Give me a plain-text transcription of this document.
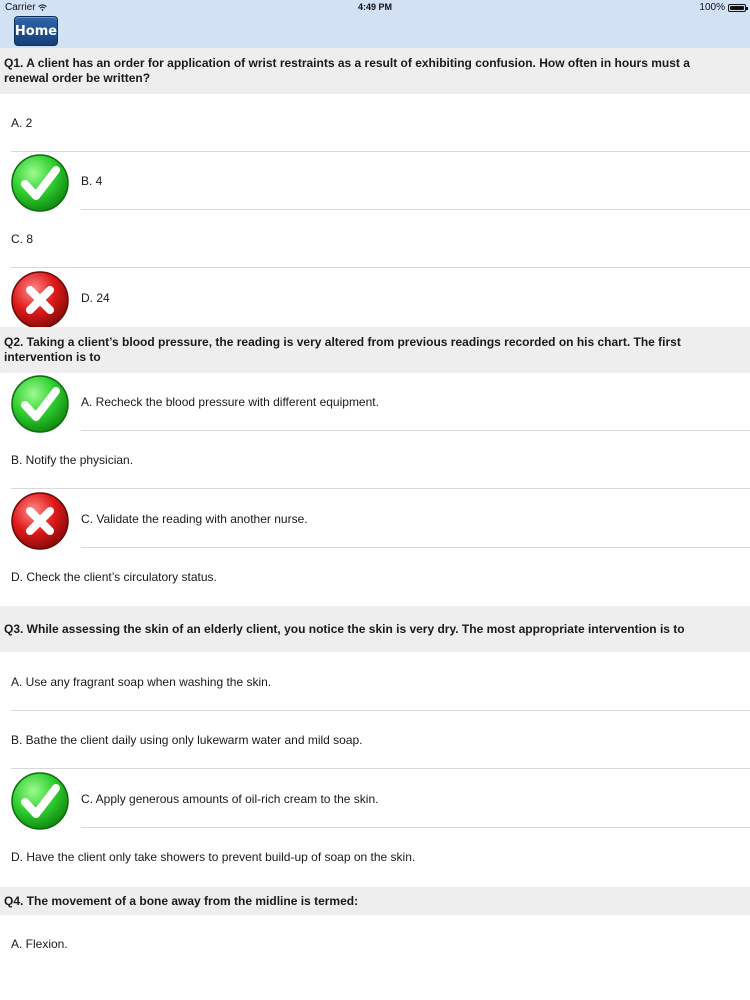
Carrier	4:49 PM	100%
Home
Q1. A client has an order for application of wrist restraints as a result of exhibiting confusion. How often in hours must a renewal order be written?
A. 2
B. 4
C. 8
D. 24
Q2. Taking a client’s blood pressure, the reading is very altered from previous readings recorded on his chart. The first intervention is to
A. Recheck the blood pressure with different equipment.
B. Notify the physician.
C. Validate the reading with another nurse.
D. Check the client’s circulatory status.
Q3. While assessing the skin of an elderly client, you notice the skin is very dry. The most appropriate intervention is to
A. Use any fragrant soap when washing the skin.
B. Bathe the client daily using only lukewarm water and mild soap.
C. Apply generous amounts of oil-rich cream to the skin.
D. Have the client only take showers to prevent build-up of soap on the skin.
Q4. The movement of a bone away from the midline is termed:
A. Flexion.
